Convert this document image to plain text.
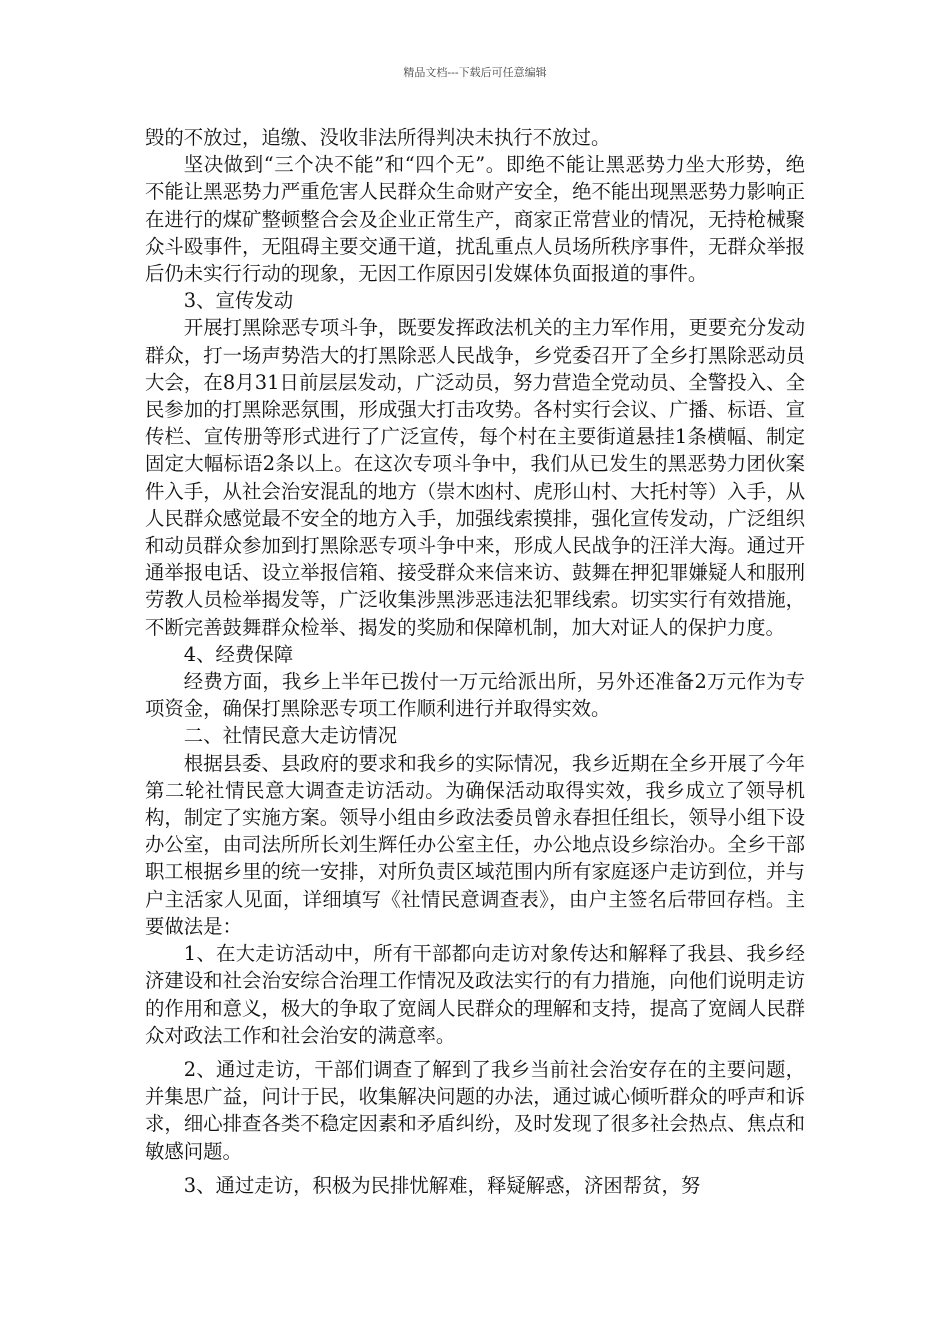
精品文档---下载后可任意编辑

毁的不放过，追缴、没收非法所得判决未执行不放过。

坚决做到“三个决不能”和“四个无”。即绝不能让黑恶势力坐大形势，绝不能让黑恶势力严重危害人民群众生命财产安全，绝不能出现黑恶势力影响正在进行的煤矿整顿整合会及企业正常生产，商家正常营业的情况，无持枪械聚众斗殴事件，无阻碍主要交通干道，扰乱重点人员场所秩序事件，无群众举报后仍未实行行动的现象，无因工作原因引发媒体负面报道的事件。

3、宣传发动

开展打黑除恶专项斗争，既要发挥政法机关的主力军作用，更要充分发动群众，打一场声势浩大的打黑除恶人民战争，乡党委召开了全乡打黑除恶动员大会，在8月31日前层层发动，广泛动员，努力营造全党动员、全警投入、全民参加的打黑除恶氛围，形成强大打击攻势。各村实行会议、广播、标语、宣传栏、宣传册等形式进行了广泛宣传，每个村在主要街道悬挂1条横幅、制定固定大幅标语2条以上。在这次专项斗争中，我们从已发生的黑恶势力团伙案件入手，从社会治安混乱的地方（崇木凼村、虎形山村、大托村等）入手，从人民群众感觉最不安全的地方入手，加强线索摸排，强化宣传发动，广泛组织和动员群众参加到打黑除恶专项斗争中来，形成人民战争的汪洋大海。通过开通举报电话、设立举报信箱、接受群众来信来访、鼓舞在押犯罪嫌疑人和服刑劳教人员检举揭发等，广泛收集涉黑涉恶违法犯罪线索。切实实行有效措施，不断完善鼓舞群众检举、揭发的奖励和保障机制，加大对证人的保护力度。

4、经费保障

经费方面，我乡上半年已拨付一万元给派出所，另外还准备2万元作为专项资金，确保打黑除恶专项工作顺利进行并取得实效。

二、社情民意大走访情况

根据县委、县政府的要求和我乡的实际情况，我乡近期在全乡开展了今年第二轮社情民意大调查走访活动。为确保活动取得实效，我乡成立了领导机构，制定了实施方案。领导小组由乡政法委员曾永春担任组长，领导小组下设办公室，由司法所所长刘生辉任办公室主任，办公地点设乡综治办。全乡干部职工根据乡里的统一安排，对所负责区域范围内所有家庭逐户走访到位，并与户主活家人见面，详细填写《社情民意调查表》，由户主签名后带回存档。主要做法是：

1、在大走访活动中，所有干部都向走访对象传达和解释了我县、我乡经济建设和社会治安综合治理工作情况及政法实行的有力措施，向他们说明走访的作用和意义，极大的争取了宽阔人民群众的理解和支持，提高了宽阔人民群众对政法工作和社会治安的满意率。

2、通过走访，干部们调查了解到了我乡当前社会治安存在的主要问题，并集思广益，问计于民，收集解决问题的办法，通过诚心倾听群众的呼声和诉求，细心排查各类不稳定因素和矛盾纠纷，及时发现了很多社会热点、焦点和敏感问题。

3、通过走访，积极为民排忧解难，释疑解惑，济困帮贫，努
